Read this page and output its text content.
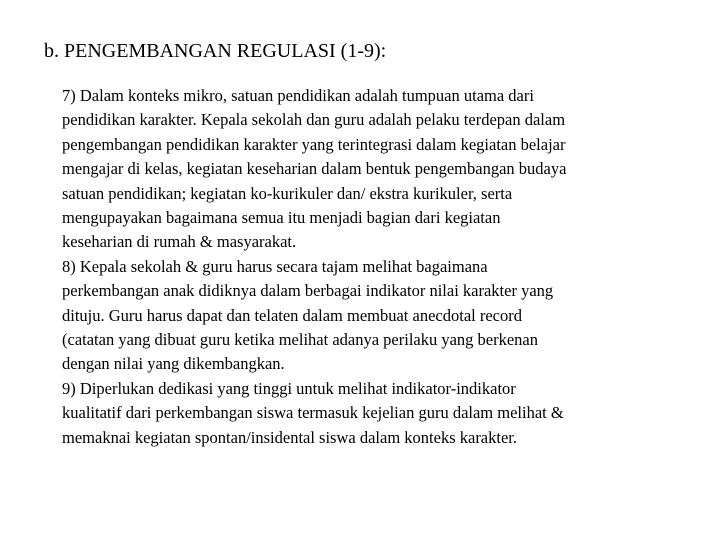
b. PENGEMBANGAN REGULASI (1-9):

7) Dalam konteks mikro, satuan pendidikan adalah tumpuan utama dari
pendidikan karakter. Kepala sekolah dan guru adalah pelaku terdepan dalam
pengembangan pendidikan karakter yang terintegrasi dalam kegiatan belajar
mengajar di kelas, kegiatan keseharian dalam bentuk pengembangan budaya
satuan pendidikan; kegiatan ko-kurikuler dan/ ekstra kurikuler, serta
mengupayakan bagaimana semua itu menjadi bagian dari kegiatan
keseharian di rumah & masyarakat.

8) Kepala sekolah & guru harus secara tajam melihat bagaimana
perkembangan anak didiknya dalam berbagai indikator nilai karakter yang
dituju. Guru harus dapat dan telaten dalam membuat anecdotal record
(catatan yang dibuat guru ketika melihat adanya perilaku yang berkenan
dengan nilai yang dikembangkan.

9) Diperlukan dedikasi yang tinggi untuk melihat indikator-indikator
kualitatif dari perkembangan siswa termasuk kejelian guru dalam melihat &
memaknai kegiatan spontan/insidental siswa dalam konteks karakter.
